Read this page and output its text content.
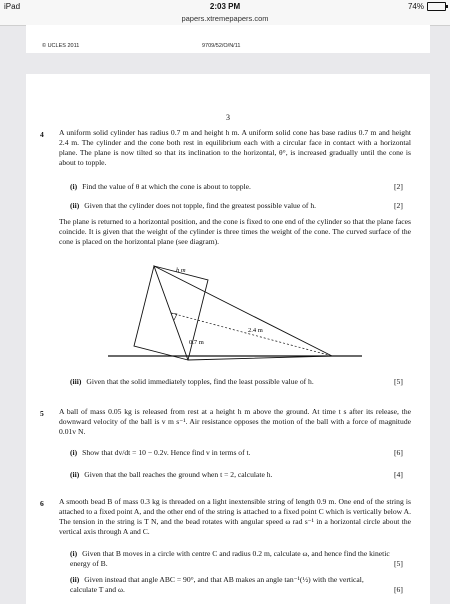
iPad	2:03 PM	74%
papers.xtremepapers.com
© UCLES 2011	9709/52/O/N/11
3
4 A uniform solid cylinder has radius 0.7 m and height h m. A uniform solid cone has base radius 0.7 m and height 2.4 m. The cylinder and the cone both rest in equilibrium each with a circular face in contact with a horizontal plane. The plane is now tilted so that its inclination to the horizontal, θ°, is increased gradually until the cone is about to topple.
(i) Find the value of θ at which the cone is about to topple.	[2]
(ii) Given that the cylinder does not topple, find the greatest possible value of h.	[2]
The plane is returned to a horizontal position, and the cone is fixed to one end of the cylinder so that the plane faces coincide. It is given that the weight of the cylinder is three times the weight of the cone. The curved surface of the cone is placed on the horizontal plane (see diagram).
h m
2.4 m
0.7 m
(iii) Given that the solid immediately topples, find the least possible value of h.	[5]
5 A ball of mass 0.05 kg is released from rest at a height h m above the ground. At time t s after its release, the downward velocity of the ball is v m s⁻¹. Air resistance opposes the motion of the ball with a force of magnitude 0.01v N.
(i) Show that dv/dt = 10 − 0.2v. Hence find v in terms of t.	[6]
(ii) Given that the ball reaches the ground when t = 2, calculate h.	[4]
6 A smooth bead B of mass 0.3 kg is threaded on a light inextensible string of length 0.9 m. One end of the string is attached to a fixed point A, and the other end of the string is attached to a fixed point C which is vertically below A. The tension in the string is T N, and the bead rotates with angular speed ω rad s⁻¹ in a horizontal circle about the vertical axis through A and C.
(i) Given that B moves in a circle with centre C and radius 0.2 m, calculate ω, and hence find the kinetic energy of B.	[5]
(ii) Given instead that angle ABC = 90°, and that AB makes an angle tan⁻¹(½) with the vertical, calculate T and ω.	[6]
